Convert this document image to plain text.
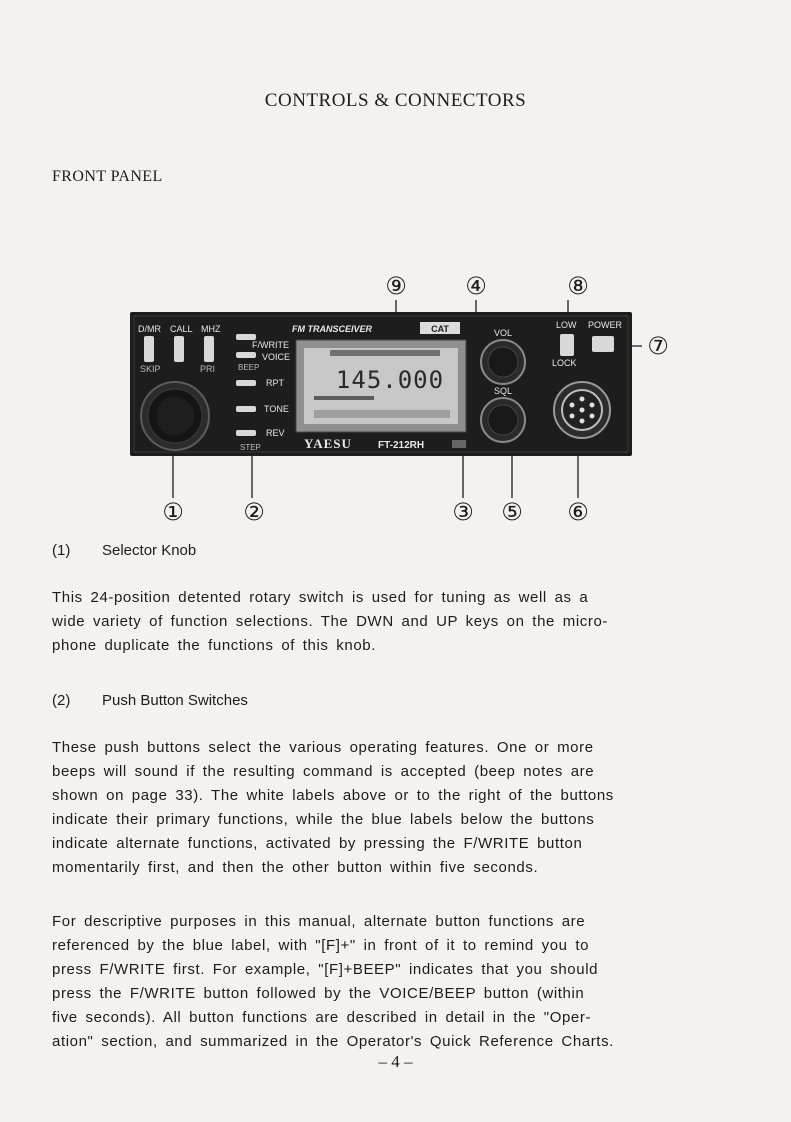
CONTROLS & CONNECTORS
FRONT PANEL
⑨ ④	⑧
⑦
① ②	③ ⑤ ⑥
D/MR CALL MHZ
SKIP	PRI
F/WRITE
VOICE
BEEP
RPT
TONE
REV
STEP
FM TRANSCEIVER	CAT
145.000
YAESU	FT-212RH
VOL
SQL
LOW POWER
LOCK
(1) Selector Knob
This 24-position detented rotary switch is used for tuning as well as a
wide variety of function selections. The DWN and UP keys on the micro-
phone duplicate the functions of this knob.
(2) Push Button Switches
These push buttons select the various operating features. One or more
beeps will sound if the resulting command is accepted (beep notes are
shown on page 33). The white labels above or to the right of the buttons
indicate their primary functions, while the blue labels below the buttons
indicate alternate functions, activated by pressing the F/WRITE button
momentarily first, and then the other button within five seconds.
For descriptive purposes in this manual, alternate button functions are
referenced by the blue label, with "[F]+" in front of it to remind you to
press F/WRITE first. For example, "[F]+BEEP" indicates that you should
press the F/WRITE button followed by the VOICE/BEEP button (within
five seconds). All button functions are described in detail in the "Oper-
ation" section, and summarized in the Operator's Quick Reference Charts.
– 4 –
